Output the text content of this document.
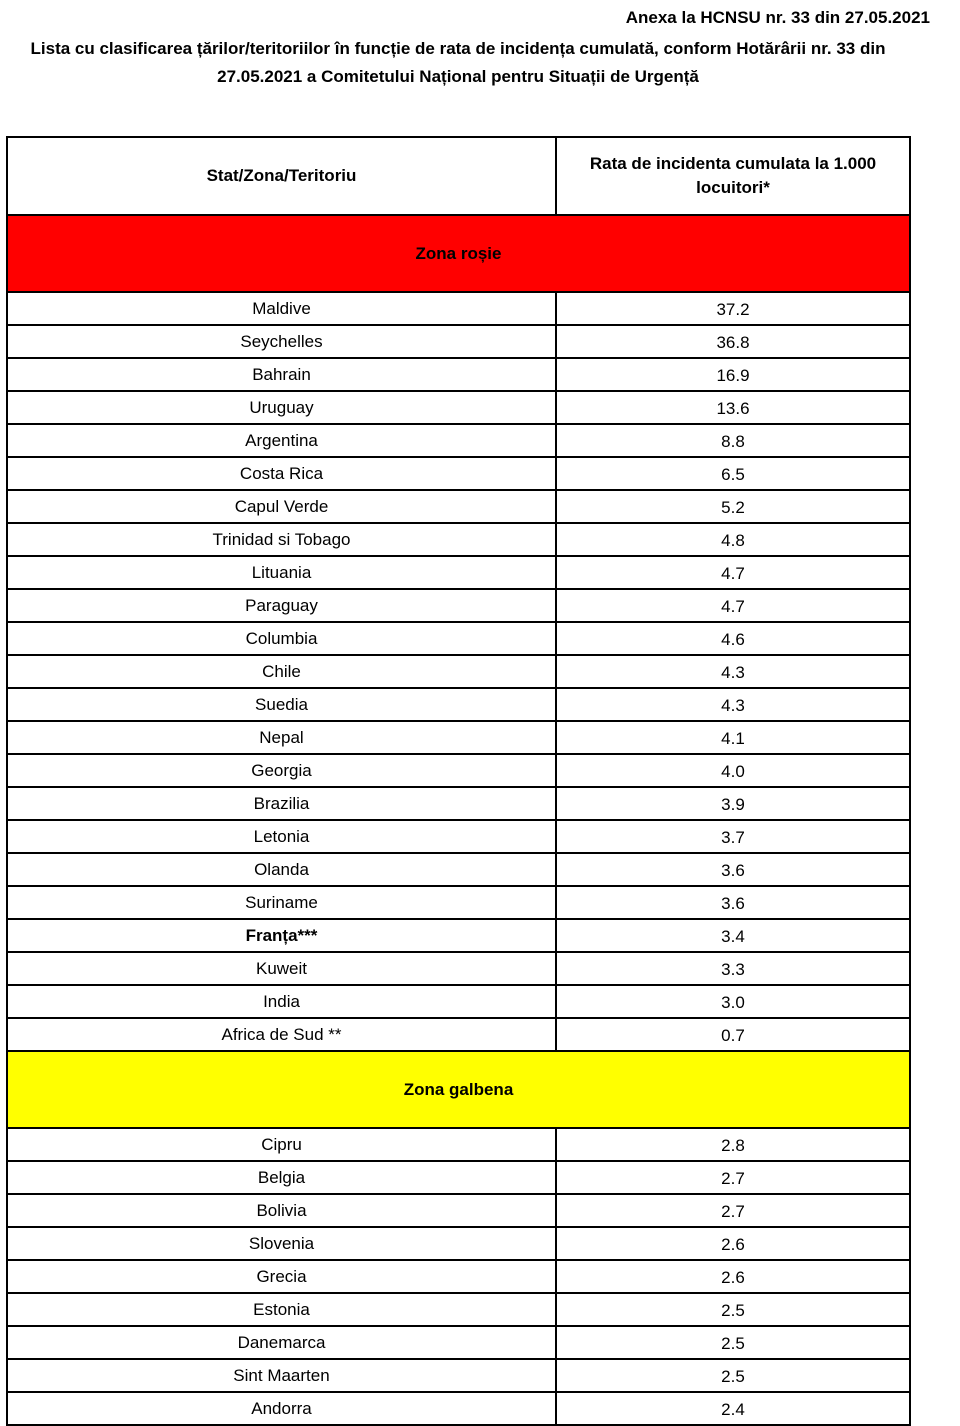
Anexa la HCNSU nr. 33 din 27.05.2021
Lista cu clasificarea țărilor/teritoriilor în funcție de rata de incidența cumulată, conform Hotărârii nr. 33 din
27.05.2021 a Comitetului Național pentru Situații de Urgență
Stat/Zona/Teritoriu	Rata de incidenta cumulata la 1.000
locuitori*

Zona roșie	
Maldive	37.2
Seychelles	36.8
Bahrain	16.9
Uruguay	13.6
Argentina	8.8
Costa Rica	6.5
Capul Verde	5.2
Trinidad si Tobago	4.8
Lituania	4.7
Paraguay	4.7
Columbia	4.6
Chile	4.3
Suedia	4.3
Nepal	4.1
Georgia	4.0
Brazilia	3.9
Letonia	3.7
Olanda	3.6
Suriname	3.6
Franța***	3.4
Kuweit	3.3
India	3.0
Africa de Sud **	0.7
Zona galbena	
Cipru	2.8
Belgia	2.7
Bolivia	2.7
Slovenia	2.6
Grecia	2.6
Estonia	2.5
Danemarca	2.5
Sint Maarten	2.5
Andorra	2.4
